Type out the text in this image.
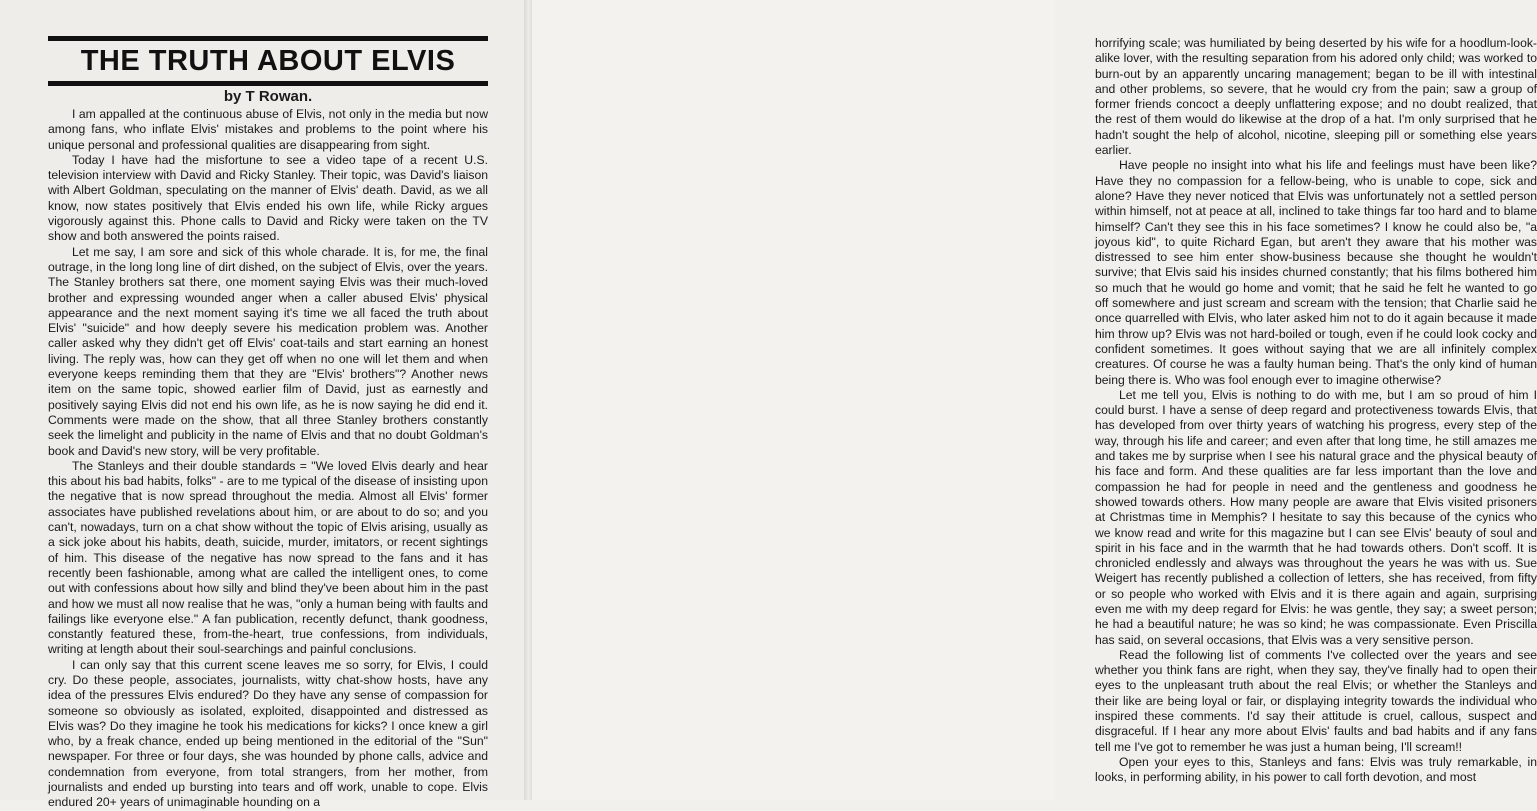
THE TRUTH ABOUT ELVIS
by T Rowan.

I am appalled at the continuous abuse of Elvis, not only in the media but now among fans, who inflate Elvis' mistakes and problems to the point where his unique personal and professional qualities are disappearing from sight.

Today I have had the misfortune to see a video tape of a recent U.S. television interview with David and Ricky Stanley. Their topic, was David's liaison with Albert Goldman, speculating on the manner of Elvis' death. David, as we all know, now states positively that Elvis ended his own life, while Ricky argues vigorously against this. Phone calls to David and Ricky were taken on the TV show and both answered the points raised.

Let me say, I am sore and sick of this whole charade. It is, for me, the final outrage, in the long long line of dirt dished, on the subject of Elvis, over the years. The Stanley brothers sat there, one moment saying Elvis was their much-loved brother and expressing wounded anger when a caller abused Elvis' physical appearance and the next moment saying it's time we all faced the truth about Elvis' "suicide" and how deeply severe his medication problem was. Another caller asked why they didn't get off Elvis' coat-tails and start earning an honest living. The reply was, how can they get off when no one will let them and when everyone keeps reminding them that they are "Elvis' brothers"? Another news item on the same topic, showed earlier film of David, just as earnestly and positively saying Elvis did not end his own life, as he is now saying he did end it. Comments were made on the show, that all three Stanley brothers constantly seek the limelight and publicity in the name of Elvis and that no doubt Goldman's book and David's new story, will be very profitable.

The Stanleys and their double standards = "We loved Elvis dearly and hear this about his bad habits, folks" - are to me typical of the disease of insisting upon the negative that is now spread throughout the media. Almost all Elvis' former associates have published revelations about him, or are about to do so; and you can't, nowadays, turn on a chat show without the topic of Elvis arising, usually as a sick joke about his habits, death, suicide, murder, imitators, or recent sightings of him. This disease of the negative has now spread to the fans and it has recently been fashionable, among what are called the intelligent ones, to come out with confessions about how silly and blind they've been about him in the past and how we must all now realise that he was, "only a human being with faults and failings like everyone else." A fan publication, recently defunct, thank goodness, constantly featured these, from-the-heart, true confessions, from individuals, writing at length about their soul-searchings and painful conclusions.

I can only say that this current scene leaves me so sorry, for Elvis, I could cry. Do these people, associates, journalists, witty chat-show hosts, have any idea of the pressures Elvis endured? Do they have any sense of compassion for someone so obviously as isolated, exploited, disappointed and distressed as Elvis was? Do they imagine he took his medications for kicks? I once knew a girl who, by a freak chance, ended up being mentioned in the editorial of the "Sun" newspaper. For three or four days, she was hounded by phone calls, advice and condemnation from everyone, from total strangers, from her mother, from journalists and ended up bursting into tears and off work, unable to cope. Elvis endured 20+ years of unimaginable hounding on a

horrifying scale; was humiliated by being deserted by his wife for a hoodlum-look-alike lover, with the resulting separation from his adored only child; was worked to burn-out by an apparently uncaring management; began to be ill with intestinal and other problems, so severe, that he would cry from the pain; saw a group of former friends concoct a deeply unflattering expose; and no doubt realized, that the rest of them would do likewise at the drop of a hat. I'm only surprised that he hadn't sought the help of alcohol, nicotine, sleeping pill or something else years earlier.

Have people no insight into what his life and feelings must have been like? Have they no compassion for a fellow-being, who is unable to cope, sick and alone? Have they never noticed that Elvis was unfortunately not a settled person within himself, not at peace at all, inclined to take things far too hard and to blame himself? Can't they see this in his face sometimes? I know he could also be, "a joyous kid", to quite Richard Egan, but aren't they aware that his mother was distressed to see him enter show-business because she thought he wouldn't survive; that Elvis said his insides churned constantly; that his films bothered him so much that he would go home and vomit; that he said he felt he wanted to go off somewhere and just scream and scream with the tension; that Charlie said he once quarrelled with Elvis, who later asked him not to do it again because it made him throw up? Elvis was not hard-boiled or tough, even if he could look cocky and confident sometimes. It goes without saying that we are all infinitely complex creatures. Of course he was a faulty human being. That's the only kind of human being there is. Who was fool enough ever to imagine otherwise?

Let me tell you, Elvis is nothing to do with me, but I am so proud of him I could burst. I have a sense of deep regard and protectiveness towards Elvis, that has developed from over thirty years of watching his progress, every step of the way, through his life and career; and even after that long time, he still amazes me and takes me by surprise when I see his natural grace and the physical beauty of his face and form. And these qualities are far less important than the love and compassion he had for people in need and the gentleness and goodness he showed towards others. How many people are aware that Elvis visited prisoners at Christmas time in Memphis? I hesitate to say this because of the cynics who we know read and write for this magazine but I can see Elvis' beauty of soul and spirit in his face and in the warmth that he had towards others. Don't scoff. It is chronicled endlessly and always was throughout the years he was with us. Sue Weigert has recently published a collection of letters, she has received, from fifty or so people who worked with Elvis and it is there again and again, surprising even me with my deep regard for Elvis: he was gentle, they say; a sweet person; he had a beautiful nature; he was so kind; he was compassionate. Even Priscilla has said, on several occasions, that Elvis was a very sensitive person.

Read the following list of comments I've collected over the years and see whether you think fans are right, when they say, they've finally had to open their eyes to the unpleasant truth about the real Elvis; or whether the Stanleys and their like are being loyal or fair, or displaying integrity towards the individual who inspired these comments. I'd say their attitude is cruel, callous, suspect and disgraceful. If I hear any more about Elvis' faults and bad habits and if any fans tell me I've got to remember he was just a human being, I'll scream!!

Open your eyes to this, Stanleys and fans: Elvis was truly remarkable, in looks, in performing ability, in his power to call forth devotion, and most
